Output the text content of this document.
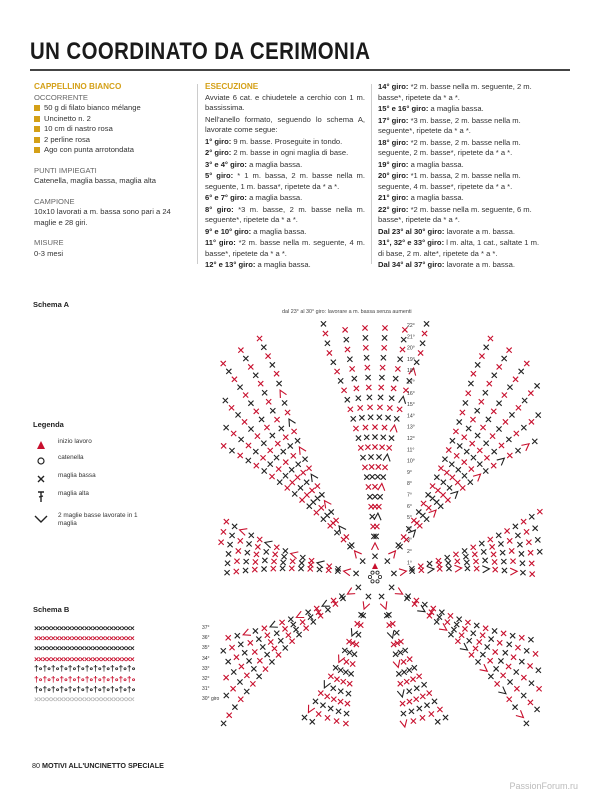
UN COORDINATO DA CERIMONIA
CAPPELLINO BIANCO
OCCORRENTE
50 g di filato bianco mélange
Uncinetto n. 2
10 cm di nastro rosa
2 perline rosa
Ago con punta arrotondata
PUNTI IMPIEGATI
Catenella, maglia bassa, maglia alta
CAMPIONE
10x10 lavorati a m. bassa sono pari a 24 maglie e 28 giri.
MISURE
0-3 mesi
ESECUZIONE
Avviate 6 cat. e chiudetele a cerchio con 1 m. bassissima.
Nell'anello formato, seguendo lo schema A, lavorate come segue:
1° giro: 9 m. basse. Proseguite in tondo.
2° giro: 2 m. basse in ogni maglia di base.
3° e 4° giro: a maglia bassa.
5° giro: * 1 m. bassa, 2 m. basse nella m. seguente, 1 m. bassa*, ripetete da * a *.
6° e 7° giro: a maglia bassa.
8° giro: *3 m. basse, 2 m. basse nella m. seguente*, ripetete da * a *.
9° e 10° giro: a maglia bassa.
11° giro: *2 m. basse nella m. seguente, 4 m. basse*, ripetete da * a *.
12° e 13° giro: a maglia bassa.
14° giro: *2 m. basse nella m. seguente, 2 m. basse*, ripetete da * a *.
15° e 16° giro: a maglia bassa.
17° giro: *3 m. basse, 2 m. basse nella m. seguente*, ripetete da * a *.
18° giro: *2 m. basse, 2 m. basse nella m. seguente, 2 m. basse*, ripetete da * a *.
19° giro: a maglia bassa.
20° giro: *1 m. bassa, 2 m. basse nella m. seguente, 4 m. basse*, ripetete da * a *.
21° giro: a maglia bassa.
22° giro: *2 m. basse nella m. seguente, 6 m. basse*, ripetete da * a *.
Dal 23° al 30° giro: lavorate a m. bassa.
31°, 32° e 33° giro: l m. alta, 1 cat., saltate 1 m. di base, 2 m. alte*, ripetete da * a *.
Dal 34° al 37° giro: lavorate a m. bassa.
Schema A
dal 23° al 30° giro: lavorare a m. bassa senza aumenti
22°
21°
20°
19°
18°
17°
16°
15°
14°
13°
12°
11°
10°
9°
8°
7°
6°
5°
4°
3°
2°
1°
Legenda
inizio lavoro
catenella
maglia bassa
maglia alta
2 maglie basse lavorate in 1 maglia
Schema B
××××××××××××××××××××××××	37°
××××××××××××××××××××××××	36°
××××××××××××××××××××××××	35°
××××××××××××××××××××××××	34°
†∘†∘†∘†∘†∘†∘†∘†∘†∘†∘†∘†∘	33°
†∘†∘†∘†∘†∘†∘†∘†∘†∘†∘†∘†∘	32°
†∘†∘†∘†∘†∘†∘†∘†∘†∘†∘†∘†∘	31°
××××××××××××××××××××××××	30° giro
80 MOTIVI ALL'UNCINETTO SPECIALE
PassionForum.ru
